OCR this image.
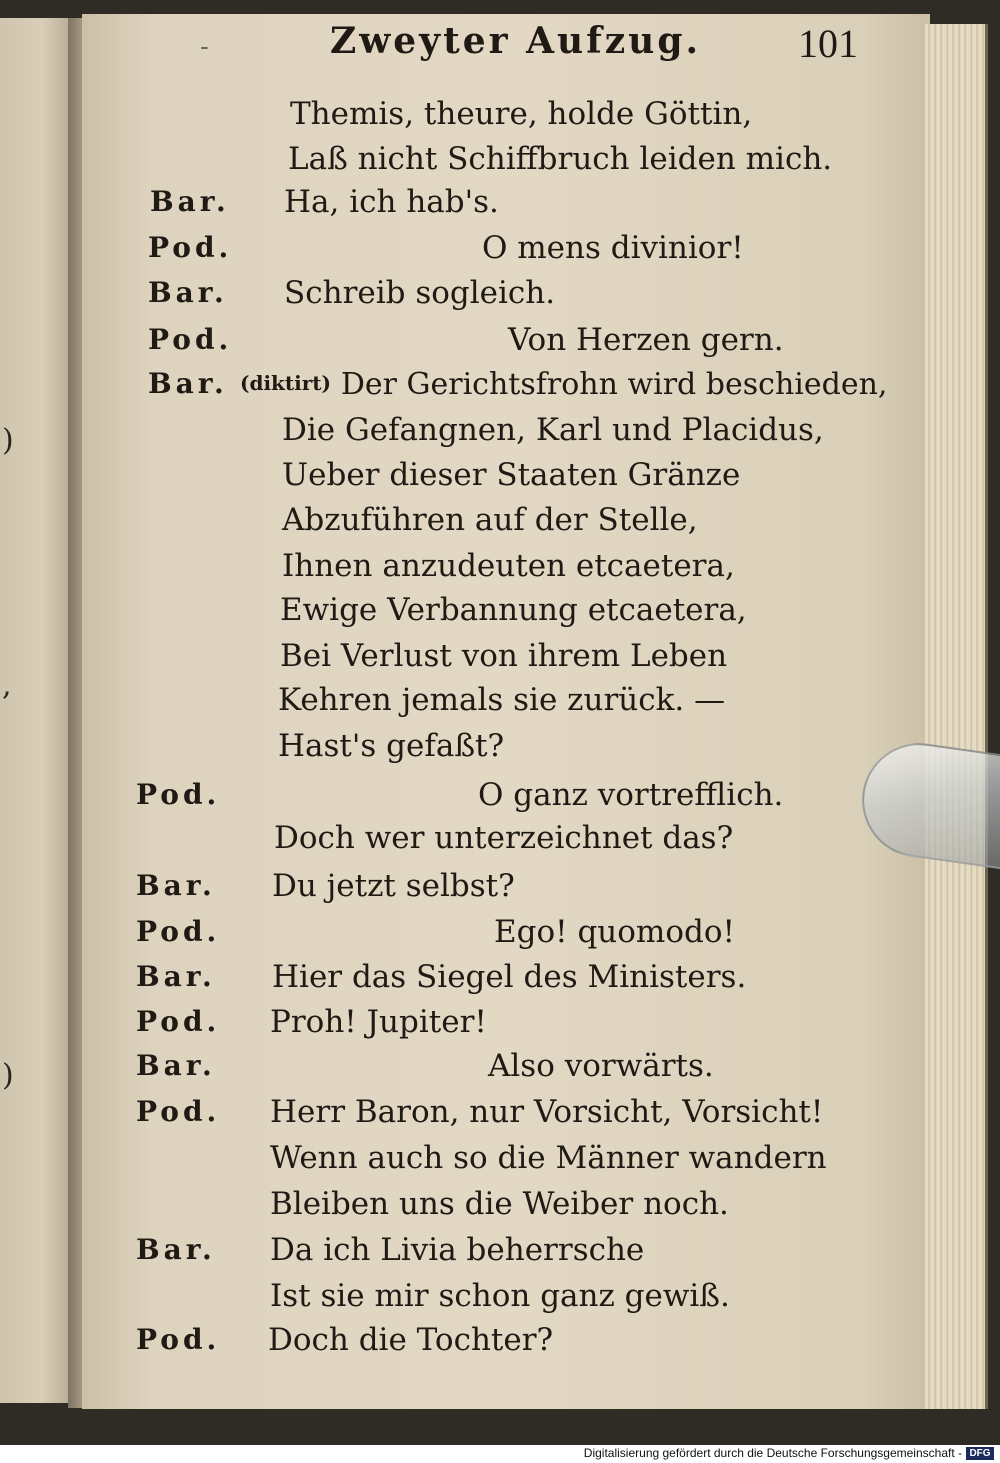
)
,
)
-	Zweyter Aufzug. 101
Bar.
Pod.
Bar.
Pod.
Bar.
Pod.
Bar.
Pod.
Bar.
Pod.
Bar.
Pod.
Bar.
Pod.
Themis, theure, holde Göttin,
Laß nicht Schiffbruch leiden mich.
Ha, ich hab's.
O mens divinior!
Schreib sogleich.
Von Herzen gern.
(diktirt) Der Gerichtsfrohn wird beschieden,
Die Gefangnen, Karl und Placidus,
Ueber dieser Staaten Gränze
Abzuführen auf der Stelle,
Ihnen anzudeuten etcaetera,
Ewige Verbannung etcaetera,
Bei Verlust von ihrem Leben
Kehren jemals sie zurück. —
Hast's gefaßt?
O ganz vortrefflich.
Doch wer unterzeichnet das?
Du jetzt selbst?
Ego! quomodo!
Hier das Siegel des Ministers.
Proh! Jupiter!
Also vorwärts.
Herr Baron, nur Vorsicht, Vorsicht!
Wenn auch so die Männer wandern
Bleiben uns die Weiber noch.
Da ich Livia beherrsche
Ist sie mir schon ganz gewiß.
Doch die Tochter?
Digitalisierung gefördert durch die Deutsche Forschungsgemeinschaft - DFG
